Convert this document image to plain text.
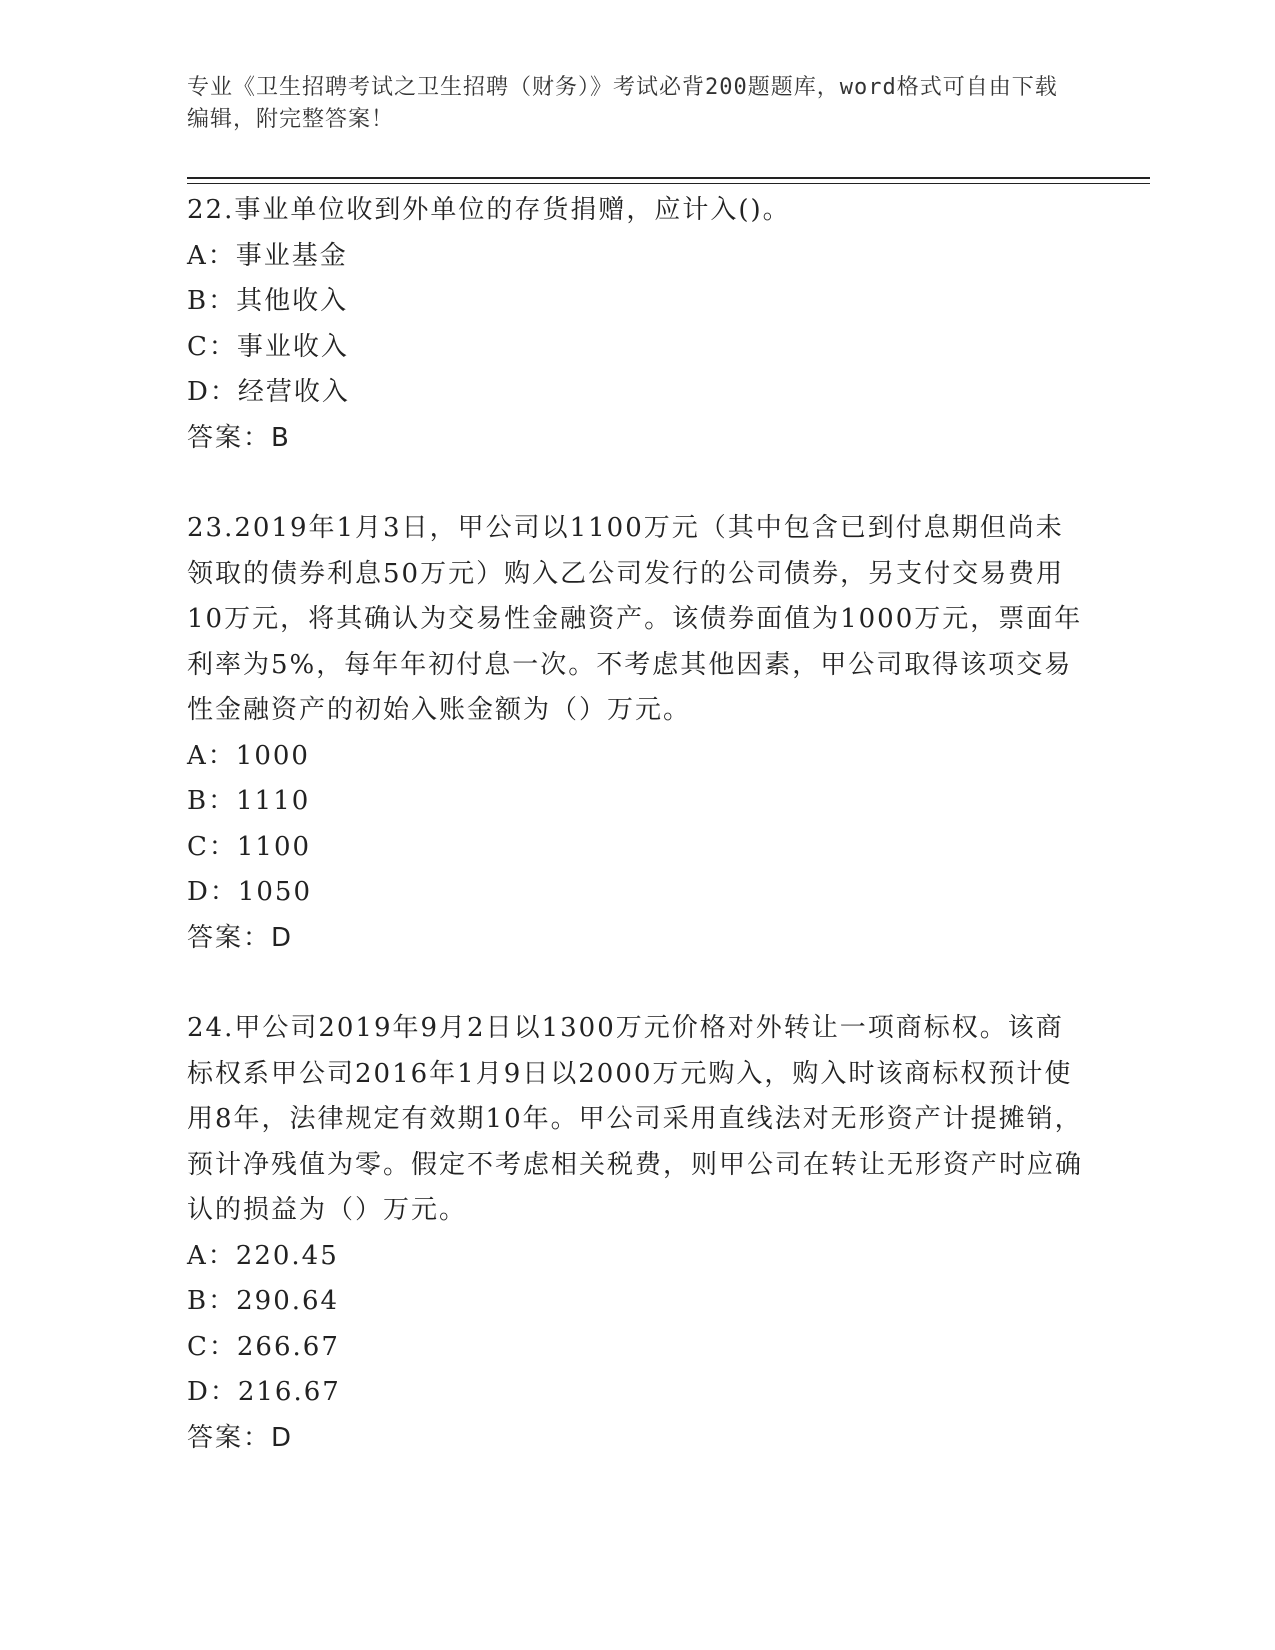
专业《卫生招聘考试之卫生招聘（财务）》考试必背200题题库，word格式可自由下载编辑，附完整答案！

22.事业单位收到外单位的存货捐赠，应计入()。

A：事业基金

B：其他收入

C：事业收入

D：经营收入

答案：B

23.2019年1月3日，甲公司以1100万元（其中包含已到付息期但尚未领取的债券利息50万元）购入乙公司发行的公司债券，另支付交易费用10万元，将其确认为交易性金融资产。该债券面值为1000万元，票面年利率为5%，每年年初付息一次。不考虑其他因素，甲公司取得该项交易性金融资产的初始入账金额为（）万元。

A：1000

B：1110

C：1100

D：1050

答案：D

24.甲公司2019年9月2日以1300万元价格对外转让一项商标权。该商标权系甲公司2016年1月9日以2000万元购入，购入时该商标权预计使用8年，法律规定有效期10年。甲公司采用直线法对无形资产计提摊销，预计净残值为零。假定不考虑相关税费，则甲公司在转让无形资产时应确认的损益为（）万元。

A：220.45

B：290.64

C：266.67

D：216.67

答案：D
